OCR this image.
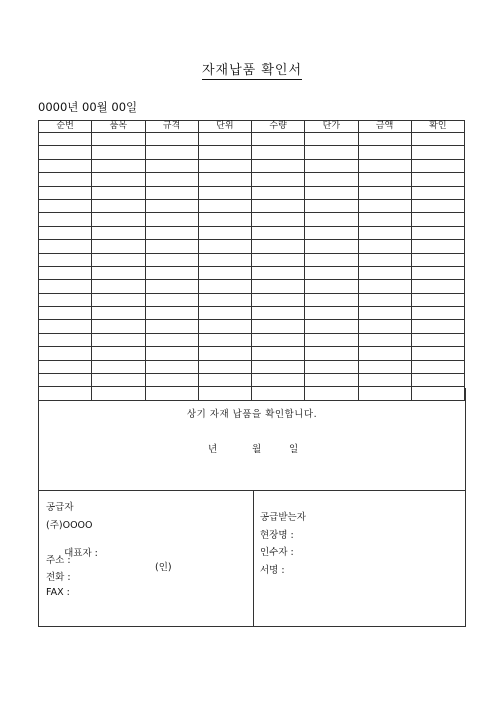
자재납품 확인서
0000년 00월 00일
순번	품목	규격	단위	수량	단가	금액	확인

상기 자재 납품을 확인합니다.
년	월	일
공급자
(주)OOOO

대표자 :

(인)

주소 :
전화 :
FAX :
공급받는자
현장명 :
인수자 :
서명 :
